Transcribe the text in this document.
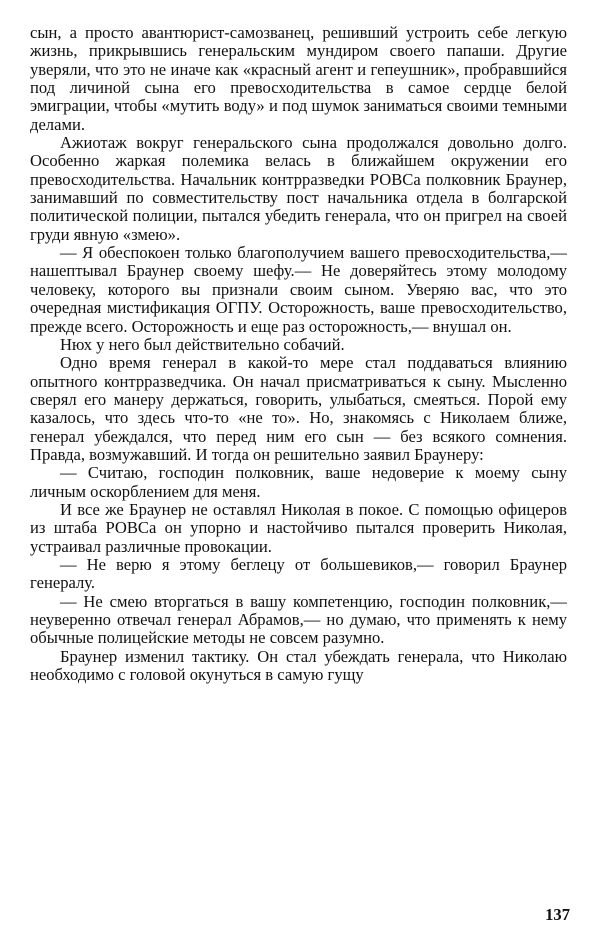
сын, а просто авантюрист-самозванец, решивший устроить себе легкую жизнь, прикрывшись генеральским мундиром своего папаши. Другие уверяли, что это не иначе как «красный агент и гепеушник», пробравшийся под личиной сына его превосходительства в самое сердце белой эмиграции, чтобы «мутить воду» и под шумок заниматься своими темными делами.

Ажиотаж вокруг генеральского сына продолжался довольно долго. Особенно жаркая полемика велась в ближайшем окружении его превосходительства. Начальник контрразведки РОВСа полковник Браунер, занимавший по совместительству пост начальника отдела в болгарской политической полиции, пытался убедить генерала, что он пригрел на своей груди явную «змею».

— Я обеспокоен только благополучием вашего превосходительства,— нашептывал Браунер своему шефу.— Не доверяйтесь этому молодому человеку, которого вы признали своим сыном. Уверяю вас, что это очередная мистификация ОГПУ. Осторожность, ваше превосходительство, прежде всего. Осторожность и еще раз осторожность,— внушал он.

Нюх у него был действительно собачий.

Одно время генерал в какой-то мере стал поддаваться влиянию опытного контрразведчика. Он начал присматриваться к сыну. Мысленно сверял его манеру держаться, говорить, улыбаться, смеяться. Порой ему казалось, что здесь что-то «не то». Но, знакомясь с Николаем ближе, генерал убеждался, что перед ним его сын — без всякого сомнения. Правда, возмужавший. И тогда он решительно заявил Браунеру:

— Считаю, господин полковник, ваше недоверие к моему сыну личным оскорблением для меня.

И все же Браунер не оставлял Николая в покое. С помощью офицеров из штаба РОВСа он упорно и настойчиво пытался проверить Николая, устраивал различные провокации.

— Не верю я этому беглецу от большевиков,— говорил Браунер генералу.

— Не смею вторгаться в вашу компетенцию, господин полковник,— неуверенно отвечал генерал Абрамов,— но думаю, что применять к нему обычные полицейские методы не совсем разумно.

Браунер изменил тактику. Он стал убеждать генерала, что Николаю необходимо с головой окунуться в самую гущу

137
